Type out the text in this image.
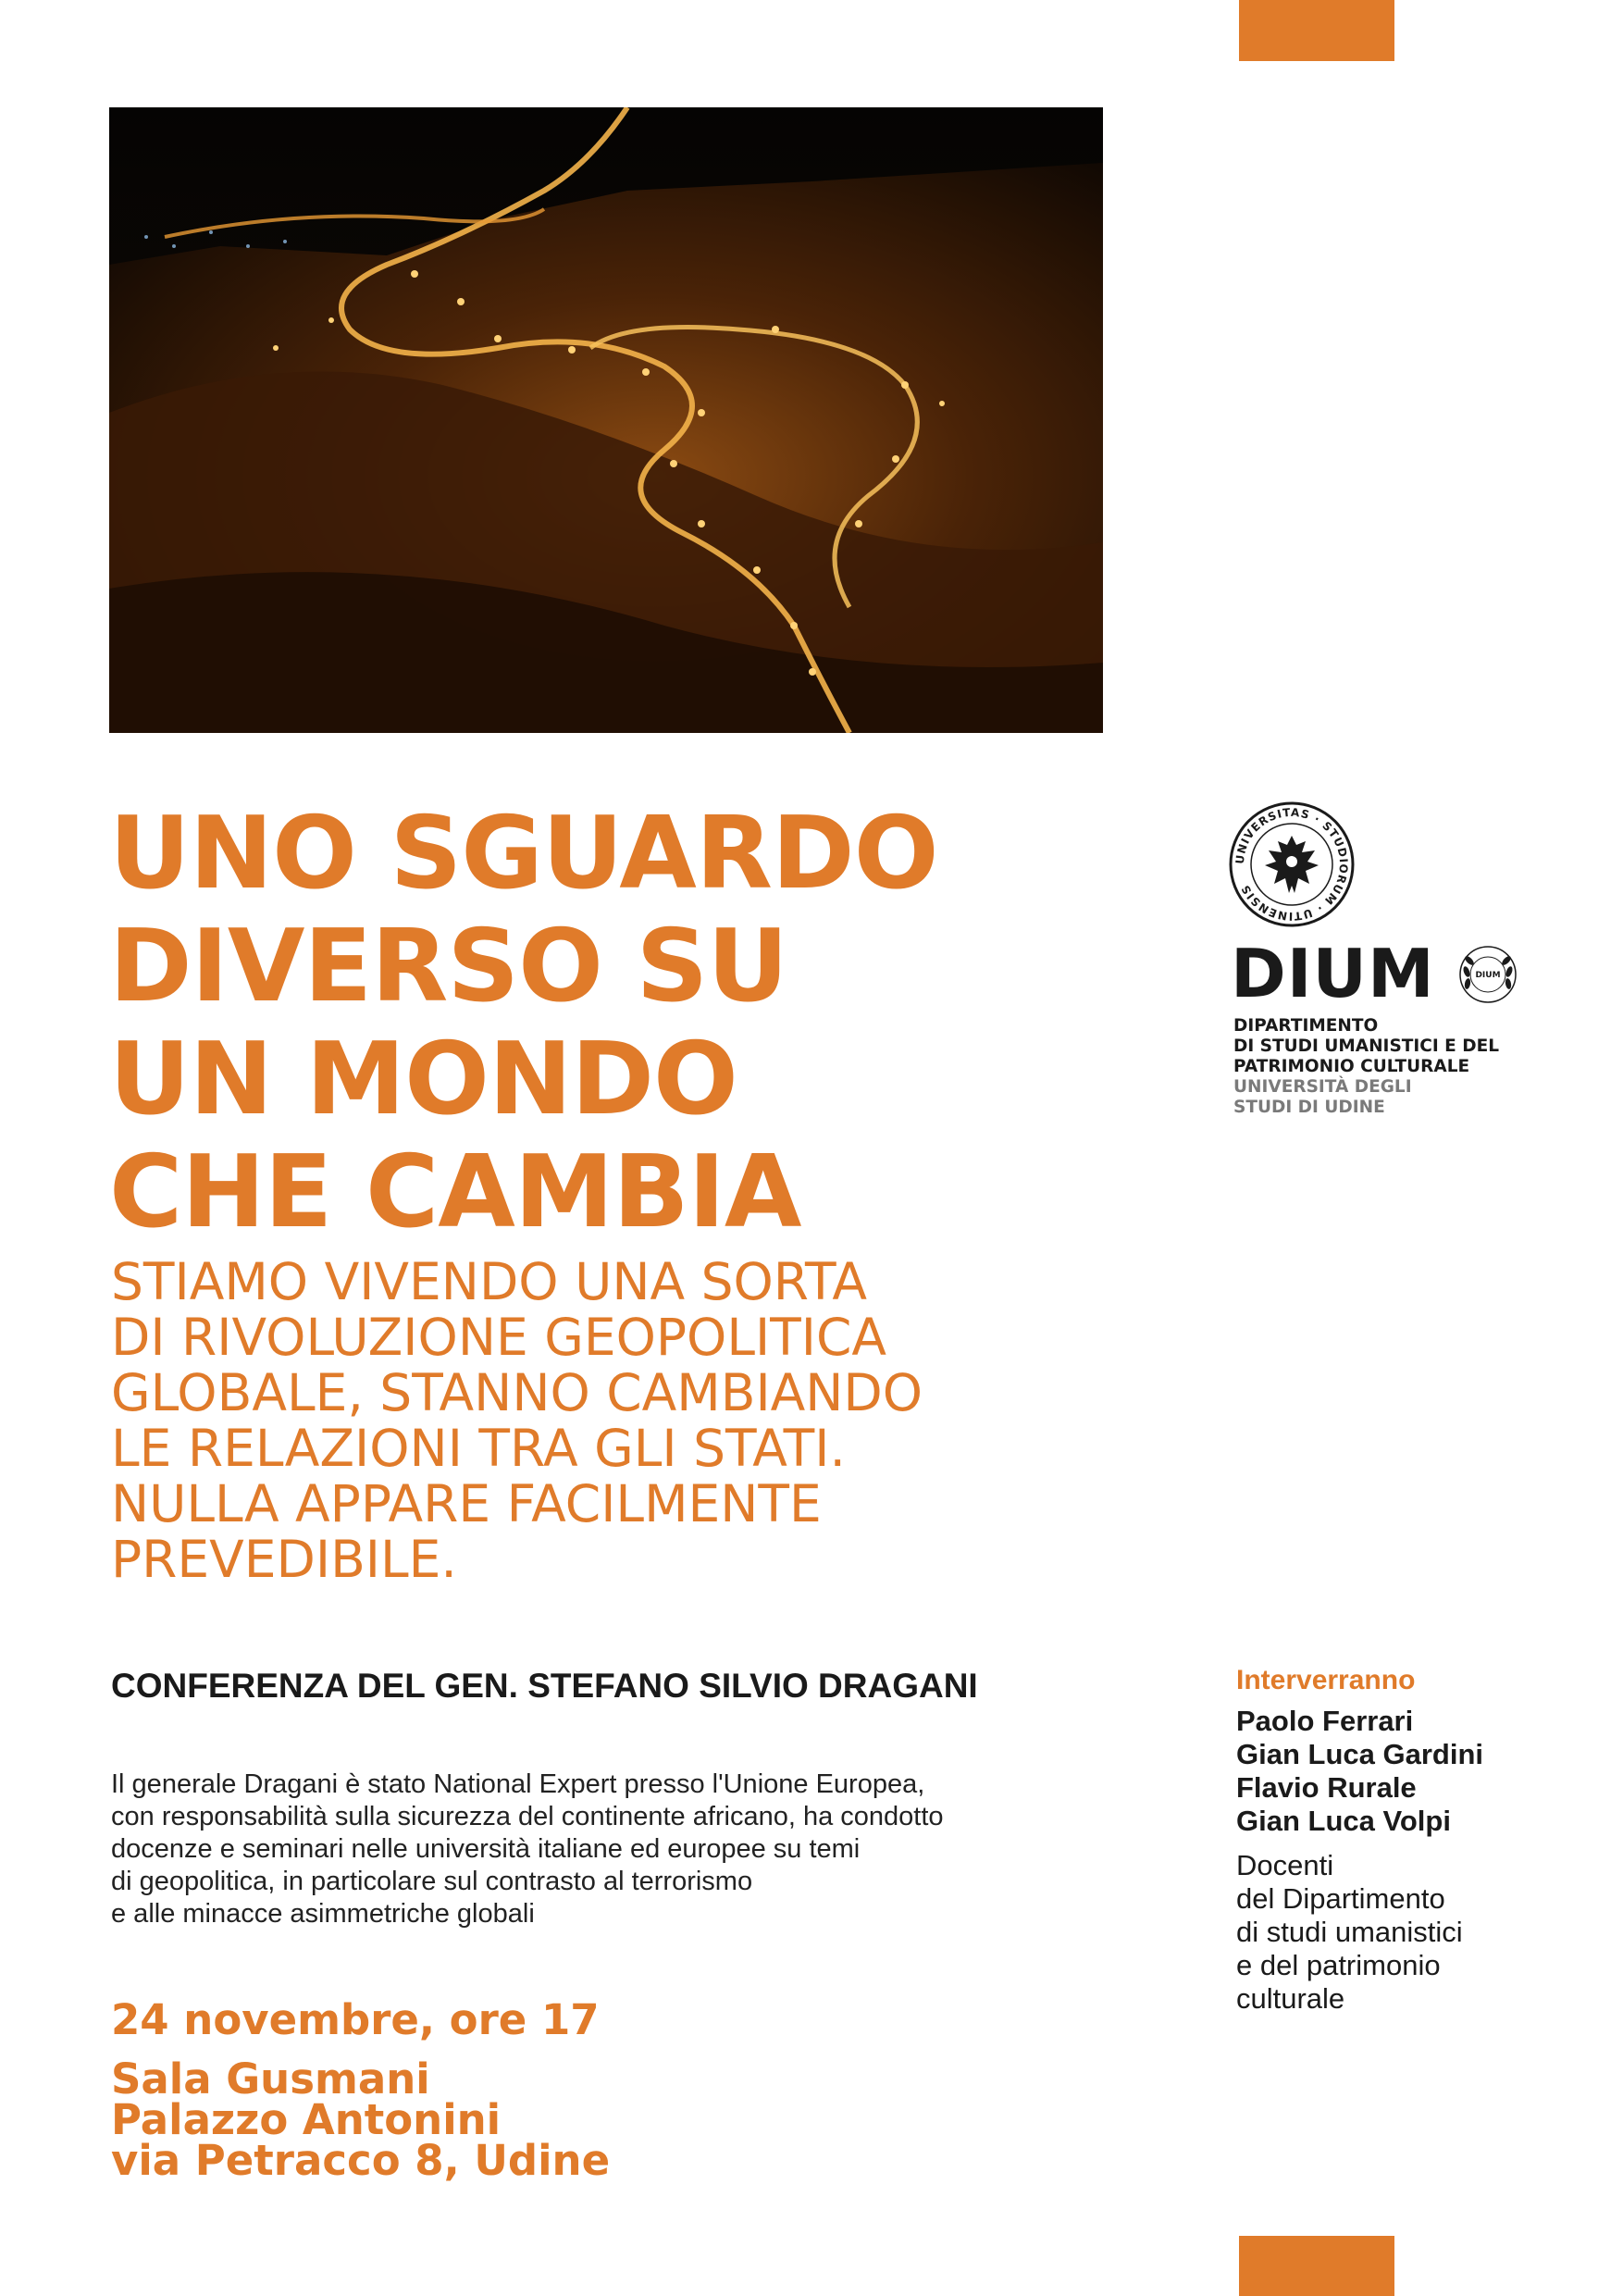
UNO SGUARDO
DIVERSO SU
UN MONDO
CHE CAMBIA
STIAMO VIVENDO UNA SORTA
DI RIVOLUZIONE GEOPOLITICA
GLOBALE, STANNO CAMBIANDO
LE RELAZIONI TRA GLI STATI.
NULLA APPARE FACILMENTE
PREVEDIBILE.
CONFERENZA DEL GEN. STEFANO SILVIO DRAGANI
Il generale Dragani è stato National Expert presso l'Unione Europea,
con responsabilità sulla sicurezza del continente africano, ha condotto
docenze e seminari nelle università italiane ed europee su temi
di geopolitica, in particolare sul contrasto al terrorismo
e alle minacce asimmetriche globali
24 novembre, ore 17
Sala Gusmani
Palazzo Antonini
via Petracco 8, Udine
UNIVERSITAS · STUDIORUM · UTINENSIS
DIUM	DIUM
DIPARTIMENTO
DI STUDI UMANISTICI E DEL
PATRIMONIO CULTURALE
UNIVERSITÀ DEGLI
STUDI DI UDINE
Interverranno
Paolo Ferrari
Gian Luca Gardini
Flavio Rurale
Gian Luca Volpi
Docenti
del Dipartimento
di studi umanistici
e del patrimonio
culturale
